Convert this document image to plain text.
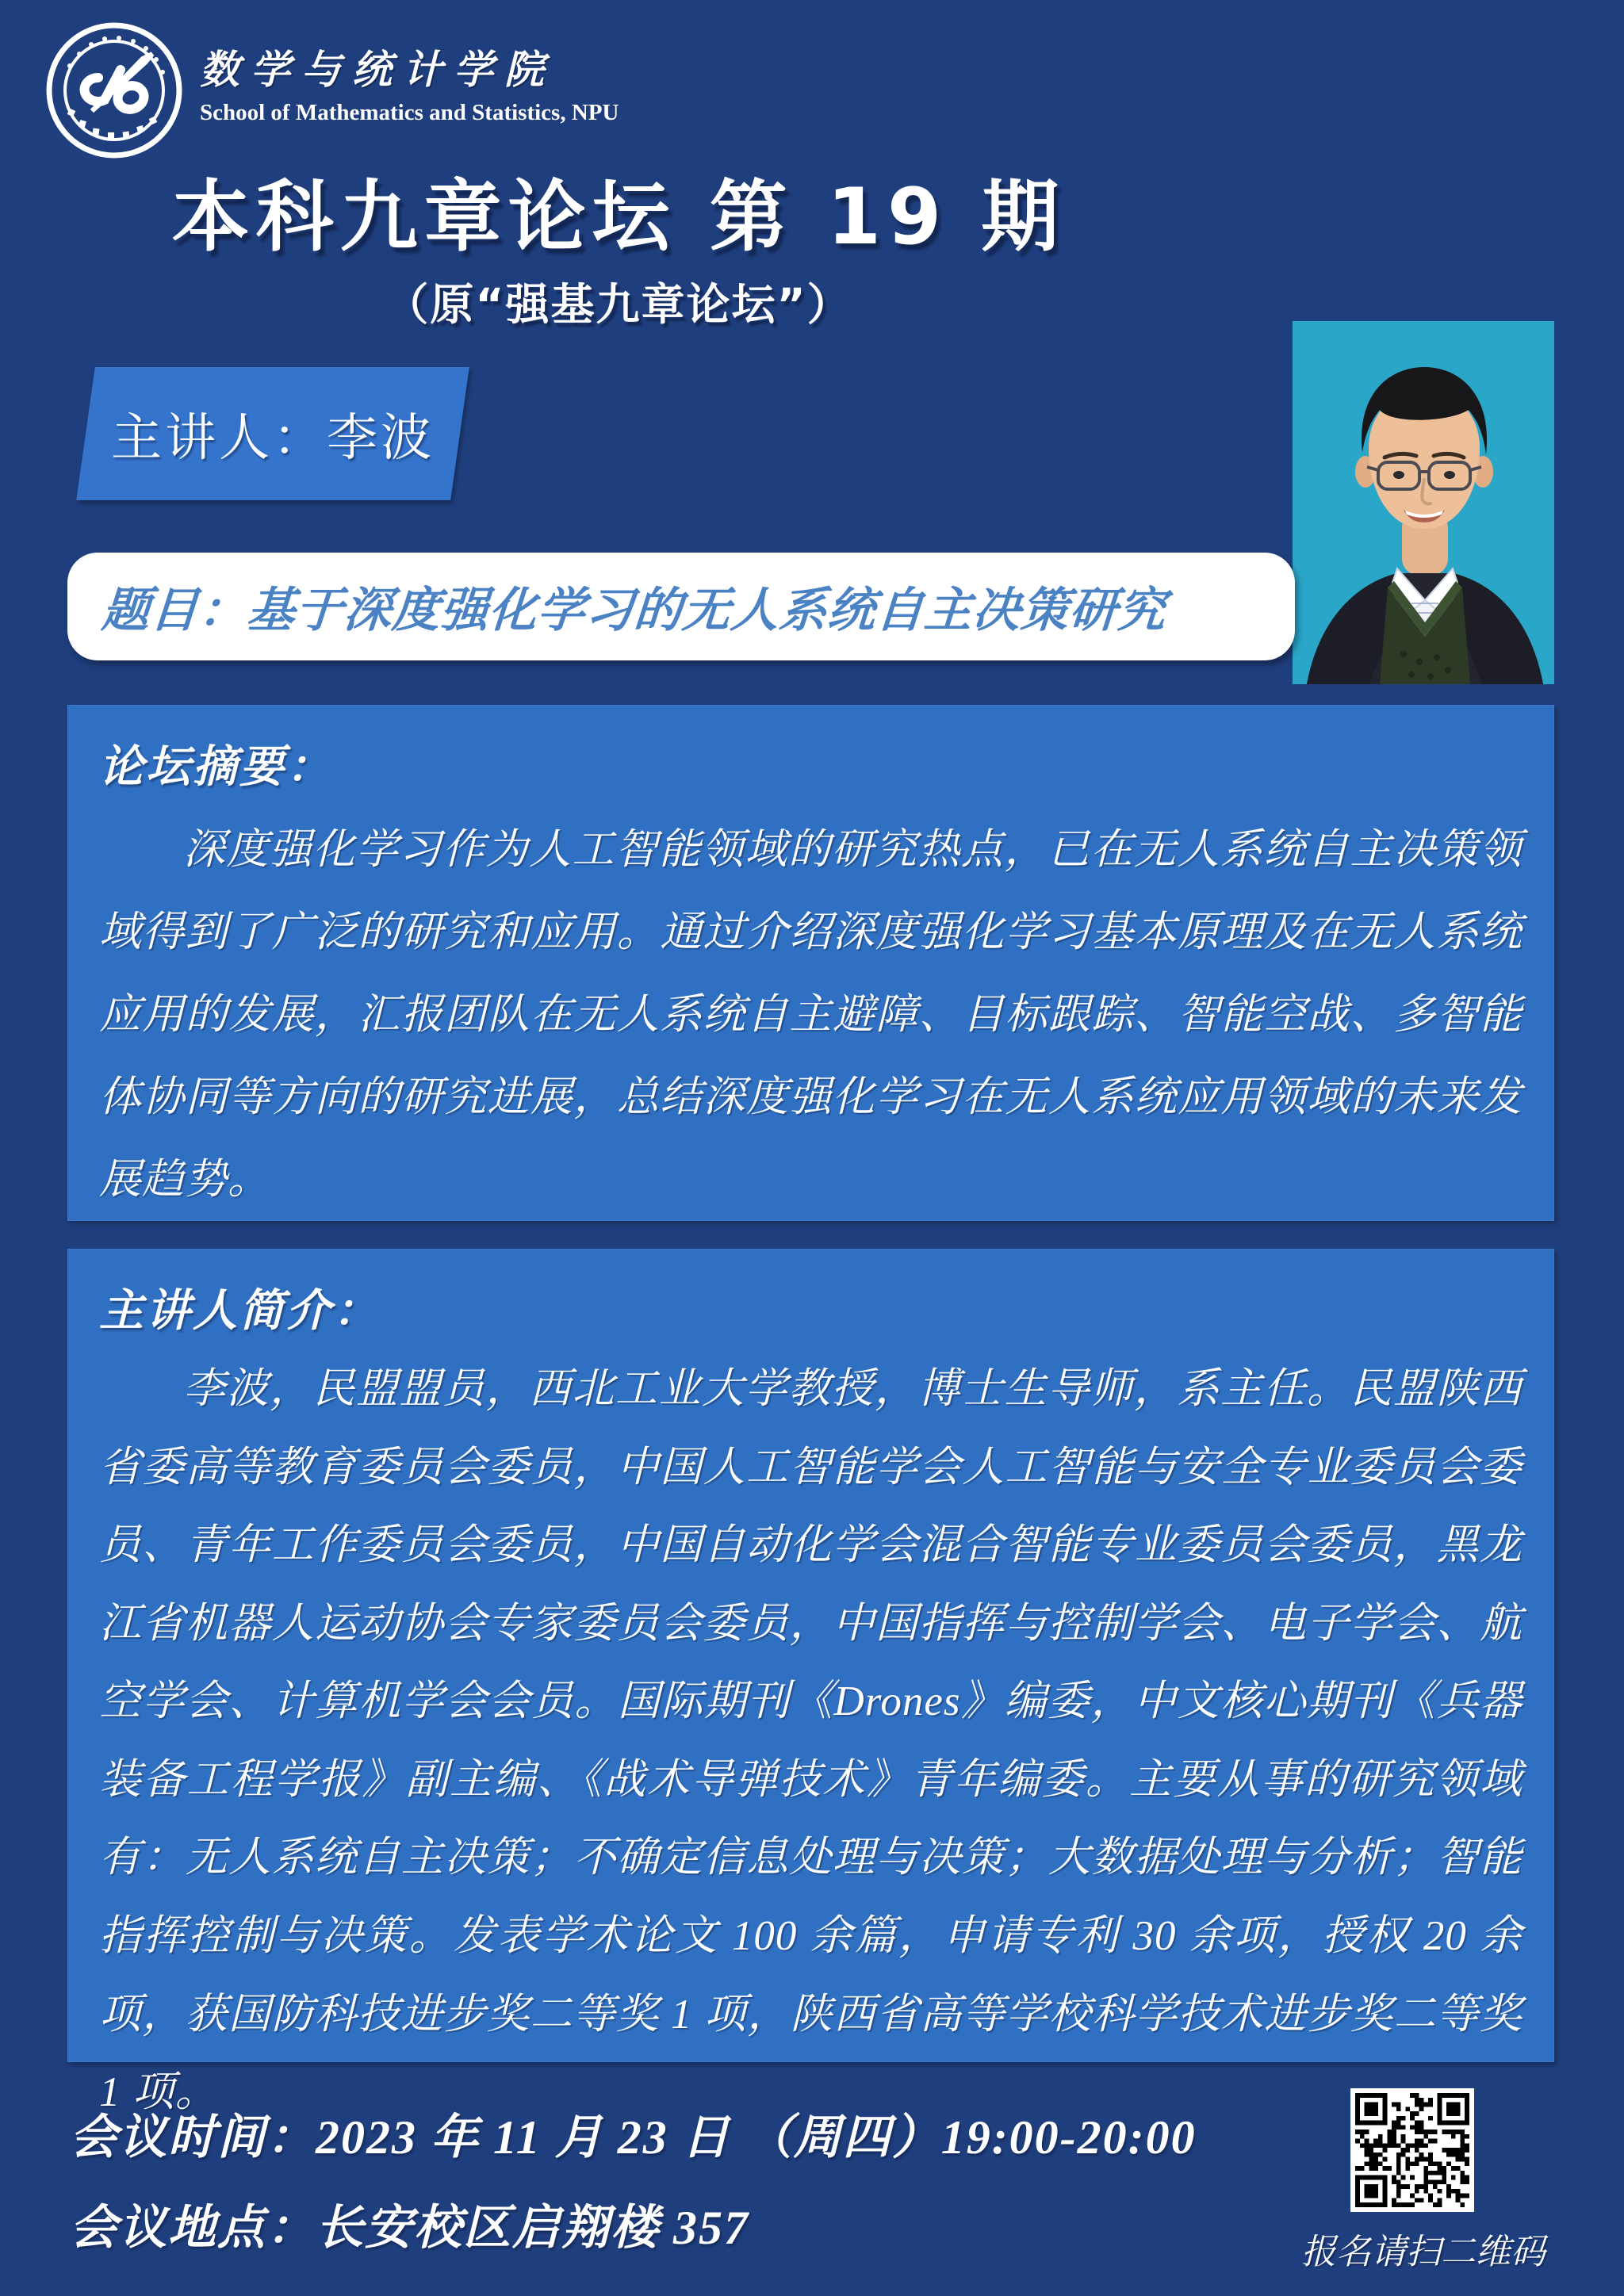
数学与统计学院
School of Mathematics and Statistics, NPU
本科九章论坛 第 19 期
（原“强基九章论坛”）
主讲人：李波
题目：基于深度强化学习的无人系统自主决策研究
论坛摘要：
深度强化学习作为人工智能领域的研究热点，已在无人系统自主决策领域得到了广泛的研究和应用。通过介绍深度强化学习基本原理及在无人系统应用的发展，汇报团队在无人系统自主避障、目标跟踪、智能空战、多智能体协同等方向的研究进展，总结深度强化学习在无人系统应用领域的未来发展趋势。
主讲人简介：
李波，民盟盟员，西北工业大学教授，博士生导师，系主任。民盟陕西省委高等教育委员会委员，中国人工智能学会人工智能与安全专业委员会委员、青年工作委员会委员，中国自动化学会混合智能专业委员会委员，黑龙江省机器人运动协会专家委员会委员，中国指挥与控制学会、电子学会、航空学会、计算机学会会员。国际期刊《Drones》编委，中文核心期刊《兵器装备工程学报》副主编、《战术导弹技术》青年编委。主要从事的研究领域有：无人系统自主决策；不确定信息处理与决策；大数据处理与分析；智能指挥控制与决策。发表学术论文 100 余篇，申请专利 30 余项，授权 20 余项，获国防科技进步奖二等奖 1 项，陕西省高等学校科学技术进步奖二等奖 1 项。
会议时间：2023 年 11 月 23 日 （周四）19:00-20:00
会议地点：长安校区启翔楼 357	报名请扫二维码
